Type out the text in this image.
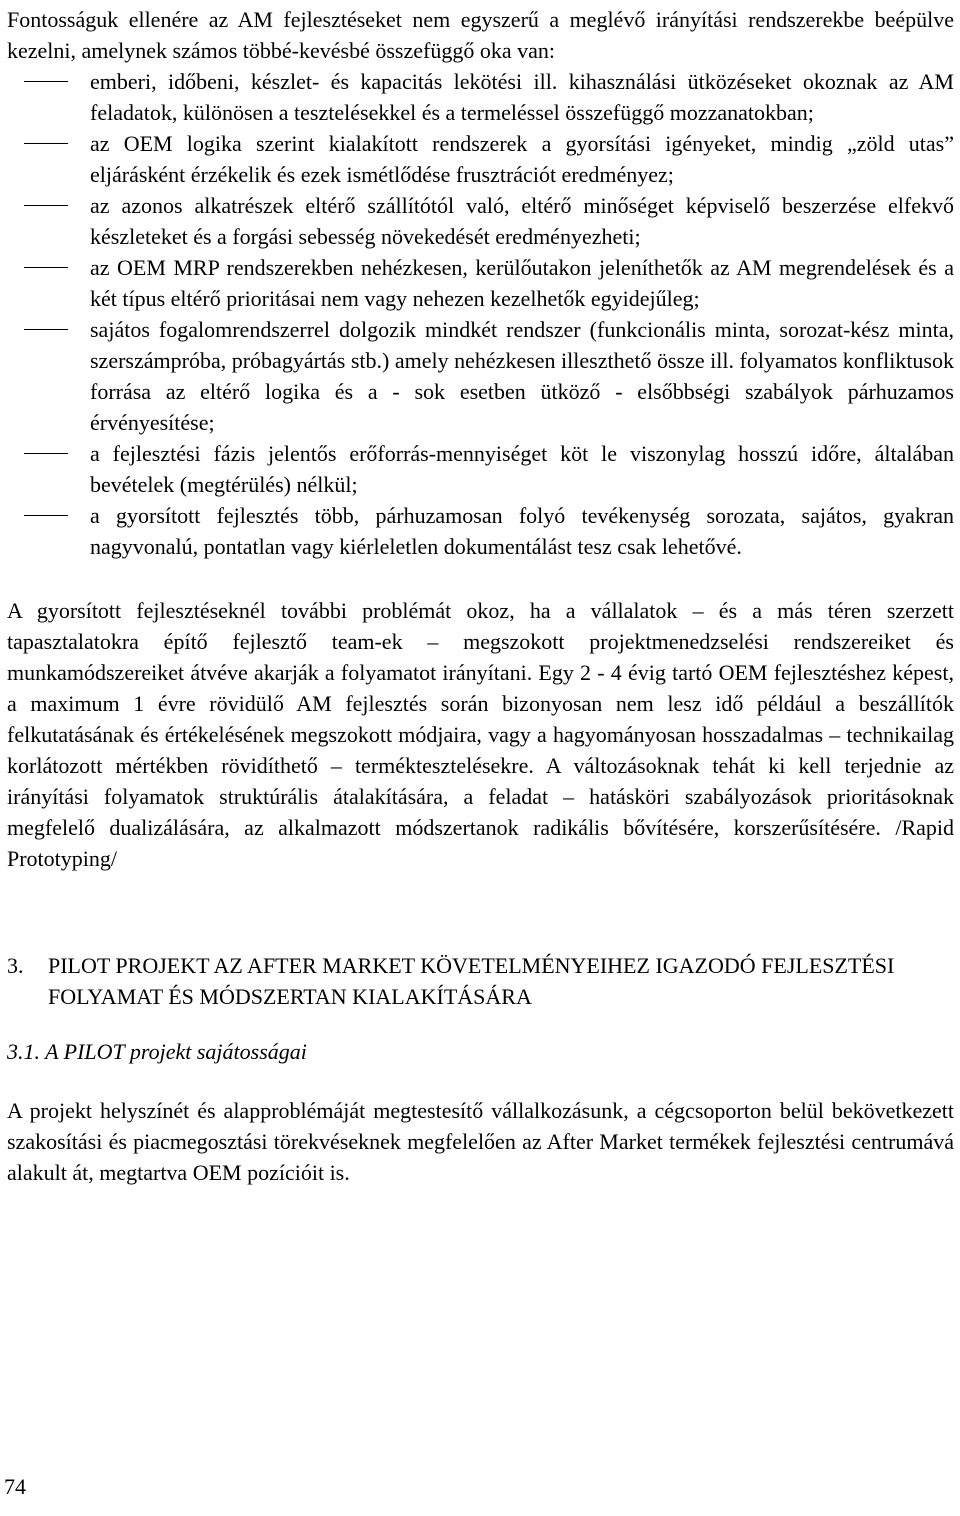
Fontosságuk ellenére az AM fejlesztéseket nem egyszerű a meglévő irányítási rendszerekbe beépülve kezelni, amelynek számos többé-kevésbé összefüggő oka van:

emberi, időbeni, készlet- és kapacitás lekötési ill. kihasználási ütközéseket okoznak az AM feladatok, különösen a tesztelésekkel és a termeléssel összefüggő mozzanatokban;
az OEM logika szerint kialakított rendszerek a gyorsítási igényeket, mindig „zöld utas” eljárásként érzékelik és ezek ismétlődése frusztrációt eredményez;
az azonos alkatrészek eltérő szállítótól való, eltérő minőséget képviselő beszerzése elfekvő készleteket és a forgási sebesség növekedését eredményezheti;
az OEM MRP rendszerekben nehézkesen, kerülőutakon jeleníthetők az AM megrendelések és a két típus eltérő prioritásai nem vagy nehezen kezelhetők egyidejűleg;
sajátos fogalomrendszerrel dolgozik mindkét rendszer (funkcionális minta, sorozat-kész minta, szerszámpróba, próbagyártás stb.) amely nehézkesen illeszthető össze ill. folyamatos konfliktusok forrása az eltérő logika és a - sok esetben ütköző - elsőbbségi szabályok párhuzamos érvényesítése;
a fejlesztési fázis jelentős erőforrás-mennyiséget köt le viszonylag hosszú időre, általában bevételek (megtérülés) nélkül;
a gyorsított fejlesztés több, párhuzamosan folyó tevékenység sorozata, sajátos, gyakran nagyvonalú, pontatlan vagy kiérleletlen dokumentálást tesz csak lehetővé.

A gyorsított fejlesztéseknél további problémát okoz, ha a vállalatok – és a más téren szerzett tapasztalatokra építő fejlesztő team-ek – megszokott projektmenedzselési rendszereiket és munkamódszereiket átvéve akarják a folyamatot irányítani. Egy 2 - 4 évig tartó OEM fejlesztéshez képest, a maximum 1 évre rövidülő AM fejlesztés során bizonyosan nem lesz idő például a beszállítók felkutatásának és értékelésének megszokott módjaira, vagy a hagyományosan hosszadalmas – technikailag korlátozott mértékben rövidíthető – terméktesztelésekre. A változásoknak tehát ki kell terjednie az irányítási folyamatok struktúrális átalakítására, a feladat – hatásköri szabályozások prioritásoknak megfelelő dualizálására, az alkalmazott módszertanok radikális bővítésére, korszerűsítésére. /Rapid Prototyping/

3. PILOT PROJEKT AZ AFTER MARKET KÖVETELMÉNYEIHEZ IGAZODÓ FEJLESZTÉSI FOLYAMAT ÉS MÓDSZERTAN KIALAKÍTÁSÁRA

3.1. A PILOT projekt sajátosságai

A projekt helyszínét és alapproblémáját megtestesítő vállalkozásunk, a cégcsoporton belül bekövetkezett szakosítási és piacmegosztási törekvéseknek megfelelően az After Market termékek fejlesztési centrumává alakult át, megtartva OEM pozícióit is.

74
